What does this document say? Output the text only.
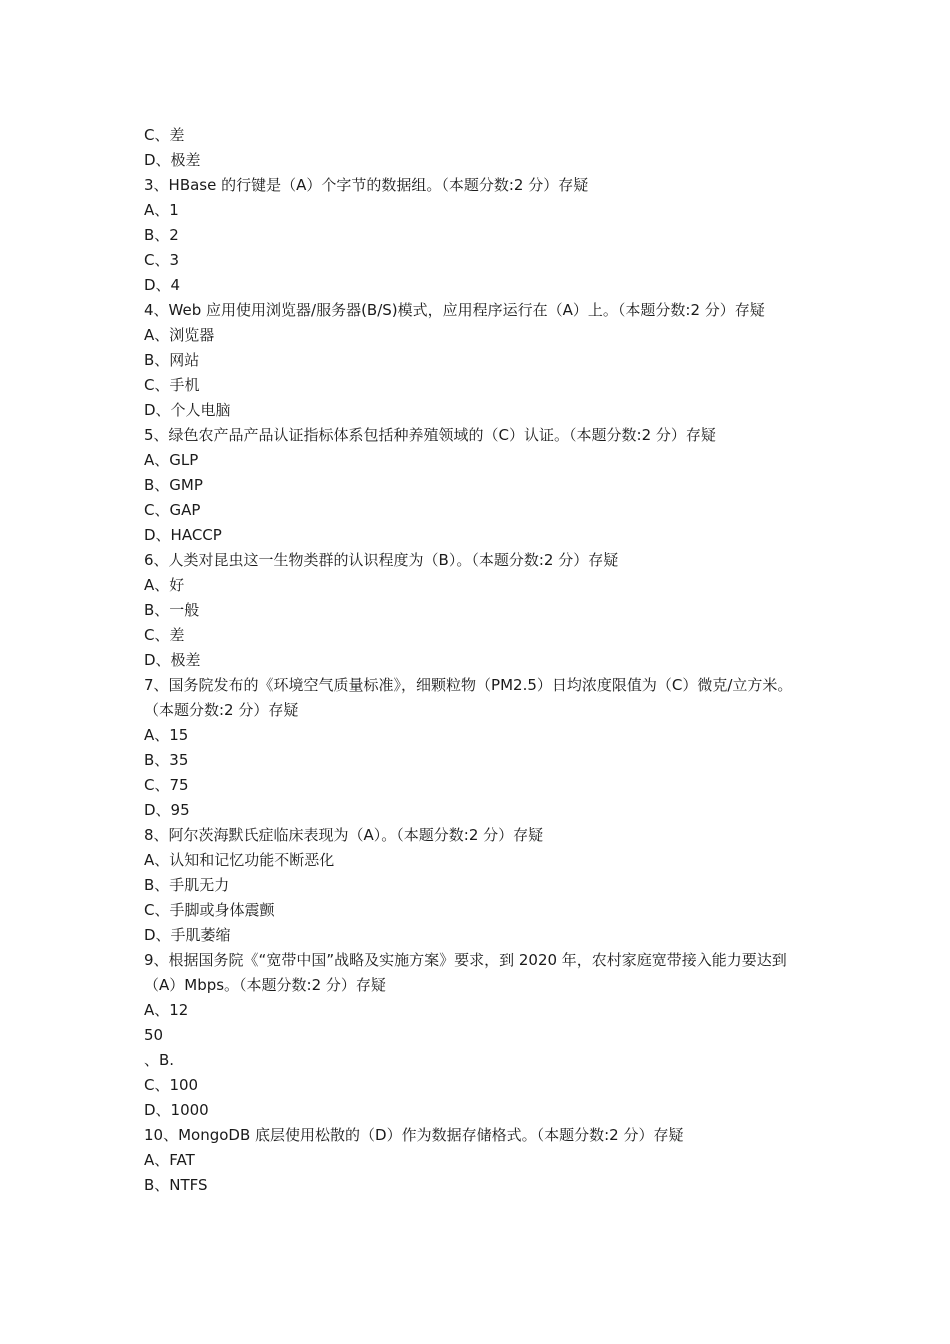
C、差
D、极差
3、HBase 的行键是（A）个字节的数据组。（本题分数:2 分）存疑
A、1
B、2
C、3
D、4
4、Web 应用使用浏览器/服务器(B/S)模式，应用程序运行在（A）上。（本题分数:2 分）存疑
A、浏览器
B、网站
C、手机
D、个人电脑
5、绿色农产品产品认证指标体系包括种养殖领域的（C）认证。（本题分数:2 分）存疑
A、GLP
B、GMP
C、GAP
D、HACCP
6、人类对昆虫这一生物类群的认识程度为（B）。（本题分数:2 分）存疑
A、好
B、一般
C、差
D、极差
7、国务院发布的《环境空气质量标准》，细颗粒物（PM2.5）日均浓度限值为（C）微克/立方米。（本题分数:2 分）存疑
A、15
B、35
C、75
D、95
8、阿尔茨海默氏症临床表现为（A）。（本题分数:2 分）存疑
A、认知和记忆功能不断恶化
B、手肌无力
C、手脚或身体震颤
D、手肌萎缩
9、根据国务院《“宽带中国”战略及实施方案》要求，到 2020 年，农村家庭宽带接入能力要达到（A）Mbps。（本题分数:2 分）存疑
A、12
50
、B.
C、100
D、1000
10、MongoDB 底层使用松散的（D）作为数据存储格式。（本题分数:2 分）存疑
A、FAT
B、NTFS
